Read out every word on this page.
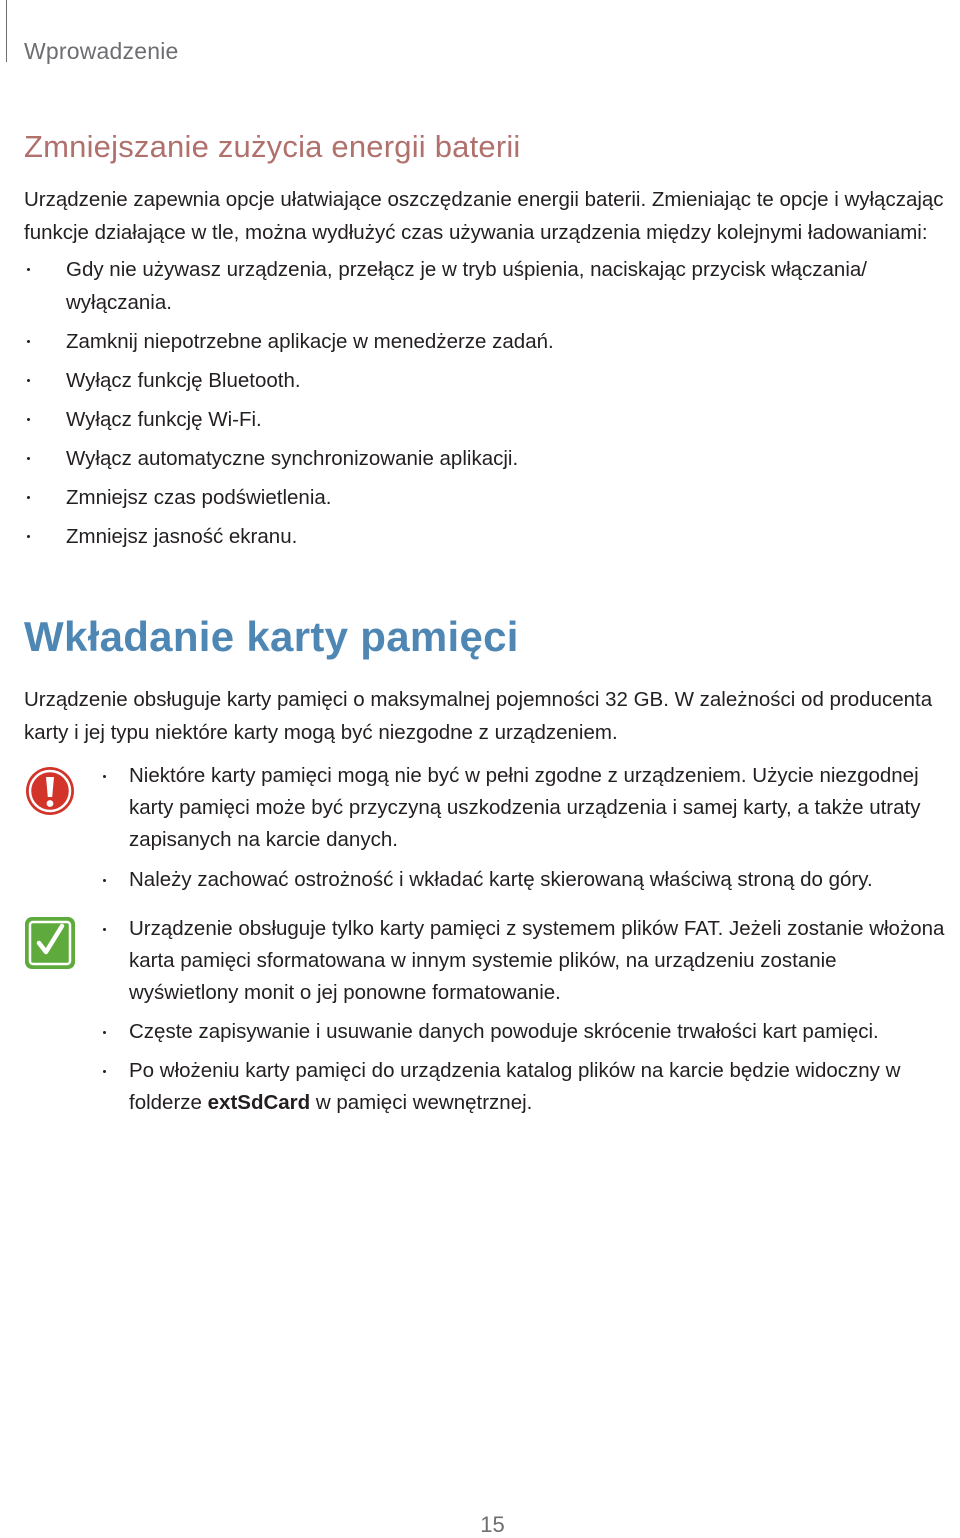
Wprowadzenie
Zmniejszanie zużycia energii baterii

Urządzenie zapewnia opcje ułatwiające oszczędzanie energii baterii. Zmieniając te opcje i wyłączając funkcje działające w tle, można wydłużyć czas używania urządzenia między kolejnymi ładowaniami:

Gdy nie używasz urządzenia, przełącz je w tryb uśpienia, naciskając przycisk włączania/ wyłączania.
Zamknij niepotrzebne aplikacje w menedżerze zadań.
Wyłącz funkcję Bluetooth.
Wyłącz funkcję Wi-Fi.
Wyłącz automatyczne synchronizowanie aplikacji.
Zmniejsz czas podświetlenia.
Zmniejsz jasność ekranu.
Wkładanie karty pamięci

Urządzenie obsługuje karty pamięci o maksymalnej pojemności 32 GB. W zależności od producenta karty i jej typu niektóre karty mogą być niezgodne z urządzeniem.

Niektóre karty pamięci mogą nie być w pełni zgodne z urządzeniem. Użycie niezgodnej karty pamięci może być przyczyną uszkodzenia urządzenia i samej karty, a także utraty zapisanych na karcie danych.
Należy zachować ostrożność i wkładać kartę skierowaną właściwą stroną do góry.
Urządzenie obsługuje tylko karty pamięci z systemem plików FAT. Jeżeli zostanie włożona karta pamięci sformatowana w innym systemie plików, na urządzeniu zostanie wyświetlony monit o jej ponowne formatowanie.
Częste zapisywanie i usuwanie danych powoduje skrócenie trwałości kart pamięci.
Po włożeniu karty pamięci do urządzenia katalog plików na karcie będzie widoczny w folderze extSdCard w pamięci wewnętrznej.
15
